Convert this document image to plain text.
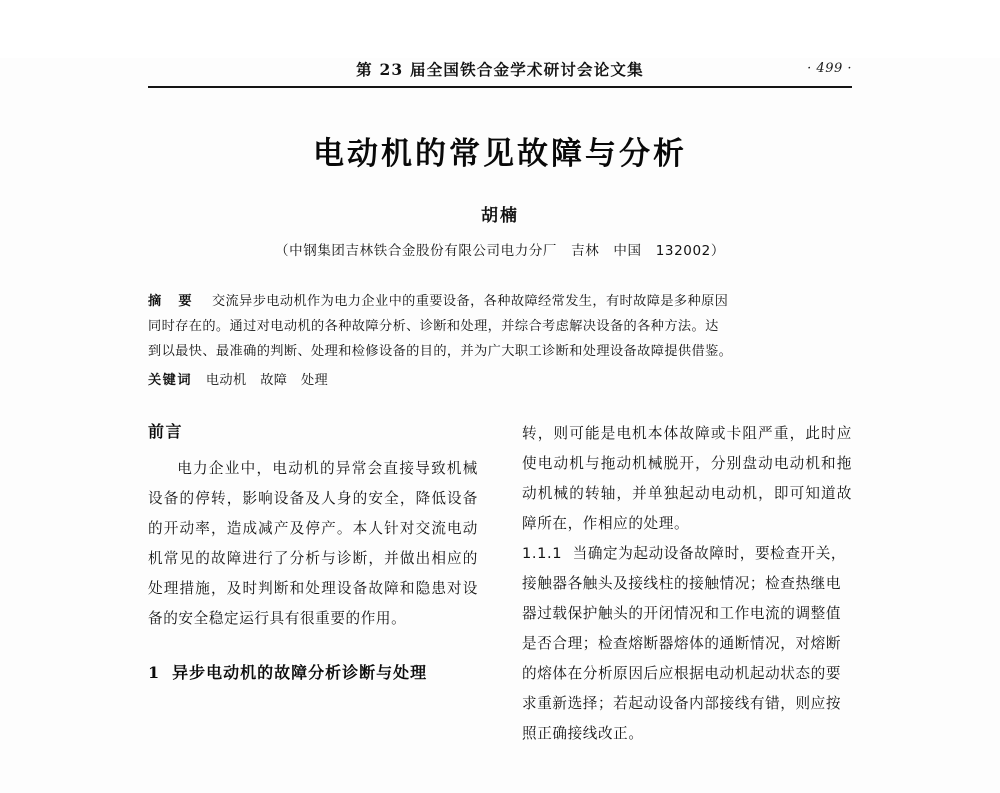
第 23 届全国铁合金学术研讨会论文集	· 499 ·
电动机的常见故障与分析
胡楠
（中钢集团吉林铁合金股份有限公司电力分厂　吉林　中国　132002）
摘　要 交流异步电动机作为电力企业中的重要设备，各种故障经常发生，有时故障是多种原因
同时存在的。通过对电动机的各种故障分析、诊断和处理，并综合考虑解决设备的各种方法。达
到以最快、最准确的判断、处理和检修设备的目的，并为广大职工诊断和处理设备故障提供借鉴。
关键词 电动机　故障　处理
前言

电力企业中，电动机的异常会直接导致机械设备的停转，影响设备及人身的安全，降低设备的开动率，造成减产及停产。本人针对交流电动机常见的故障进行了分析与诊断，并做出相应的处理措施，及时判断和处理设备故障和隐患对设备的安全稳定运行具有很重要的作用。

1 异步电动机的故障分析诊断与处理

转，则可能是电机本体故障或卡阻严重，此时应使电动机与拖动机械脱开，分别盘动电动机和拖动机械的转轴，并单独起动电动机，即可知道故障所在，作相应的处理。

1.1.1 当确定为起动设备故障时，要检查开关，接触器各触头及接线柱的接触情况；检查热继电器过载保护触头的开闭情况和工作电流的调整值是否合理；检查熔断器熔体的通断情况，对熔断的熔体在分析原因后应根据电动机起动状态的要求重新选择；若起动设备内部接线有错，则应按照正确接线改正。
